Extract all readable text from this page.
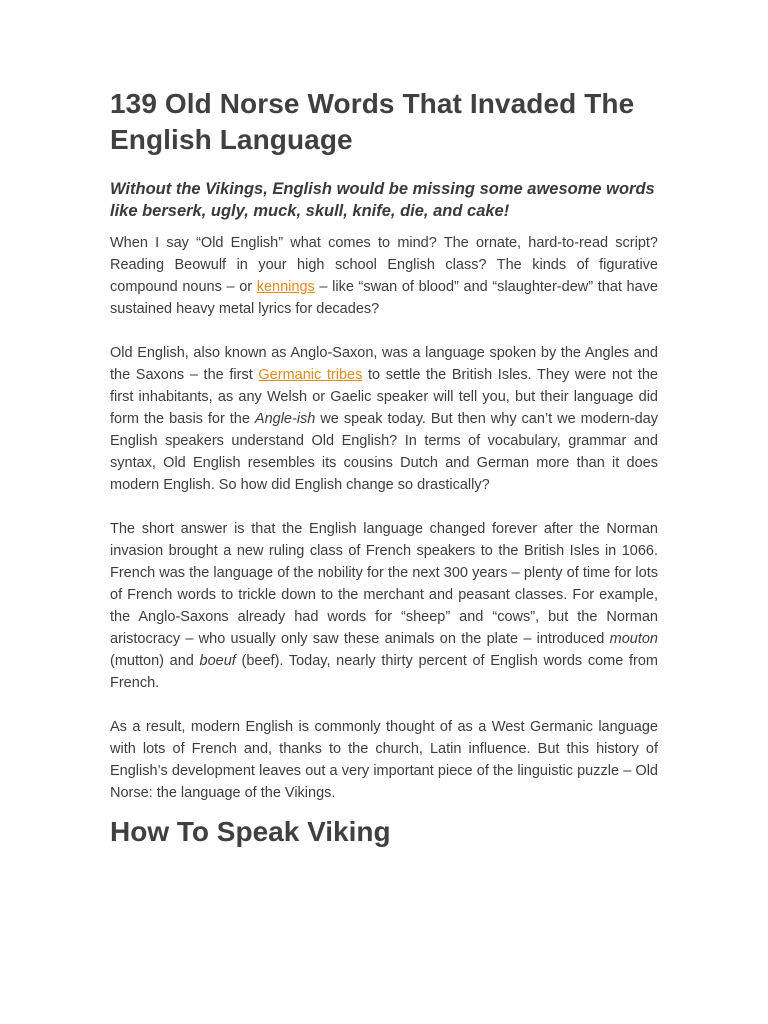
139 Old Norse Words That Invaded The English Language

Without the Vikings, English would be missing some awesome words like berserk, ugly, muck, skull, knife, die, and cake!

When I say “Old English” what comes to mind? The ornate, hard-to-read script? Reading Beowulf in your high school English class? The kinds of figurative compound nouns – or kennings – like “swan of blood” and “slaughter-dew” that have sustained heavy metal lyrics for decades?

Old English, also known as Anglo-Saxon, was a language spoken by the Angles and the Saxons – the first Germanic tribes to settle the British Isles. They were not the first inhabitants, as any Welsh or Gaelic speaker will tell you, but their language did form the basis for the Angle-ish we speak today. But then why can’t we modern-day English speakers understand Old English? In terms of vocabulary, grammar and syntax, Old English resembles its cousins Dutch and German more than it does modern English. So how did English change so drastically?

The short answer is that the English language changed forever after the Norman invasion brought a new ruling class of French speakers to the British Isles in 1066. French was the language of the nobility for the next 300 years – plenty of time for lots of French words to trickle down to the merchant and peasant classes. For example, the Anglo-Saxons already had words for “sheep” and “cows”, but the Norman aristocracy – who usually only saw these animals on the plate – introduced mouton (mutton) and boeuf (beef). Today, nearly thirty percent of English words come from French.

As a result, modern English is commonly thought of as a West Germanic language with lots of French and, thanks to the church, Latin influence. But this history of English’s development leaves out a very important piece of the linguistic puzzle – Old Norse: the language of the Vikings.

How To Speak Viking
